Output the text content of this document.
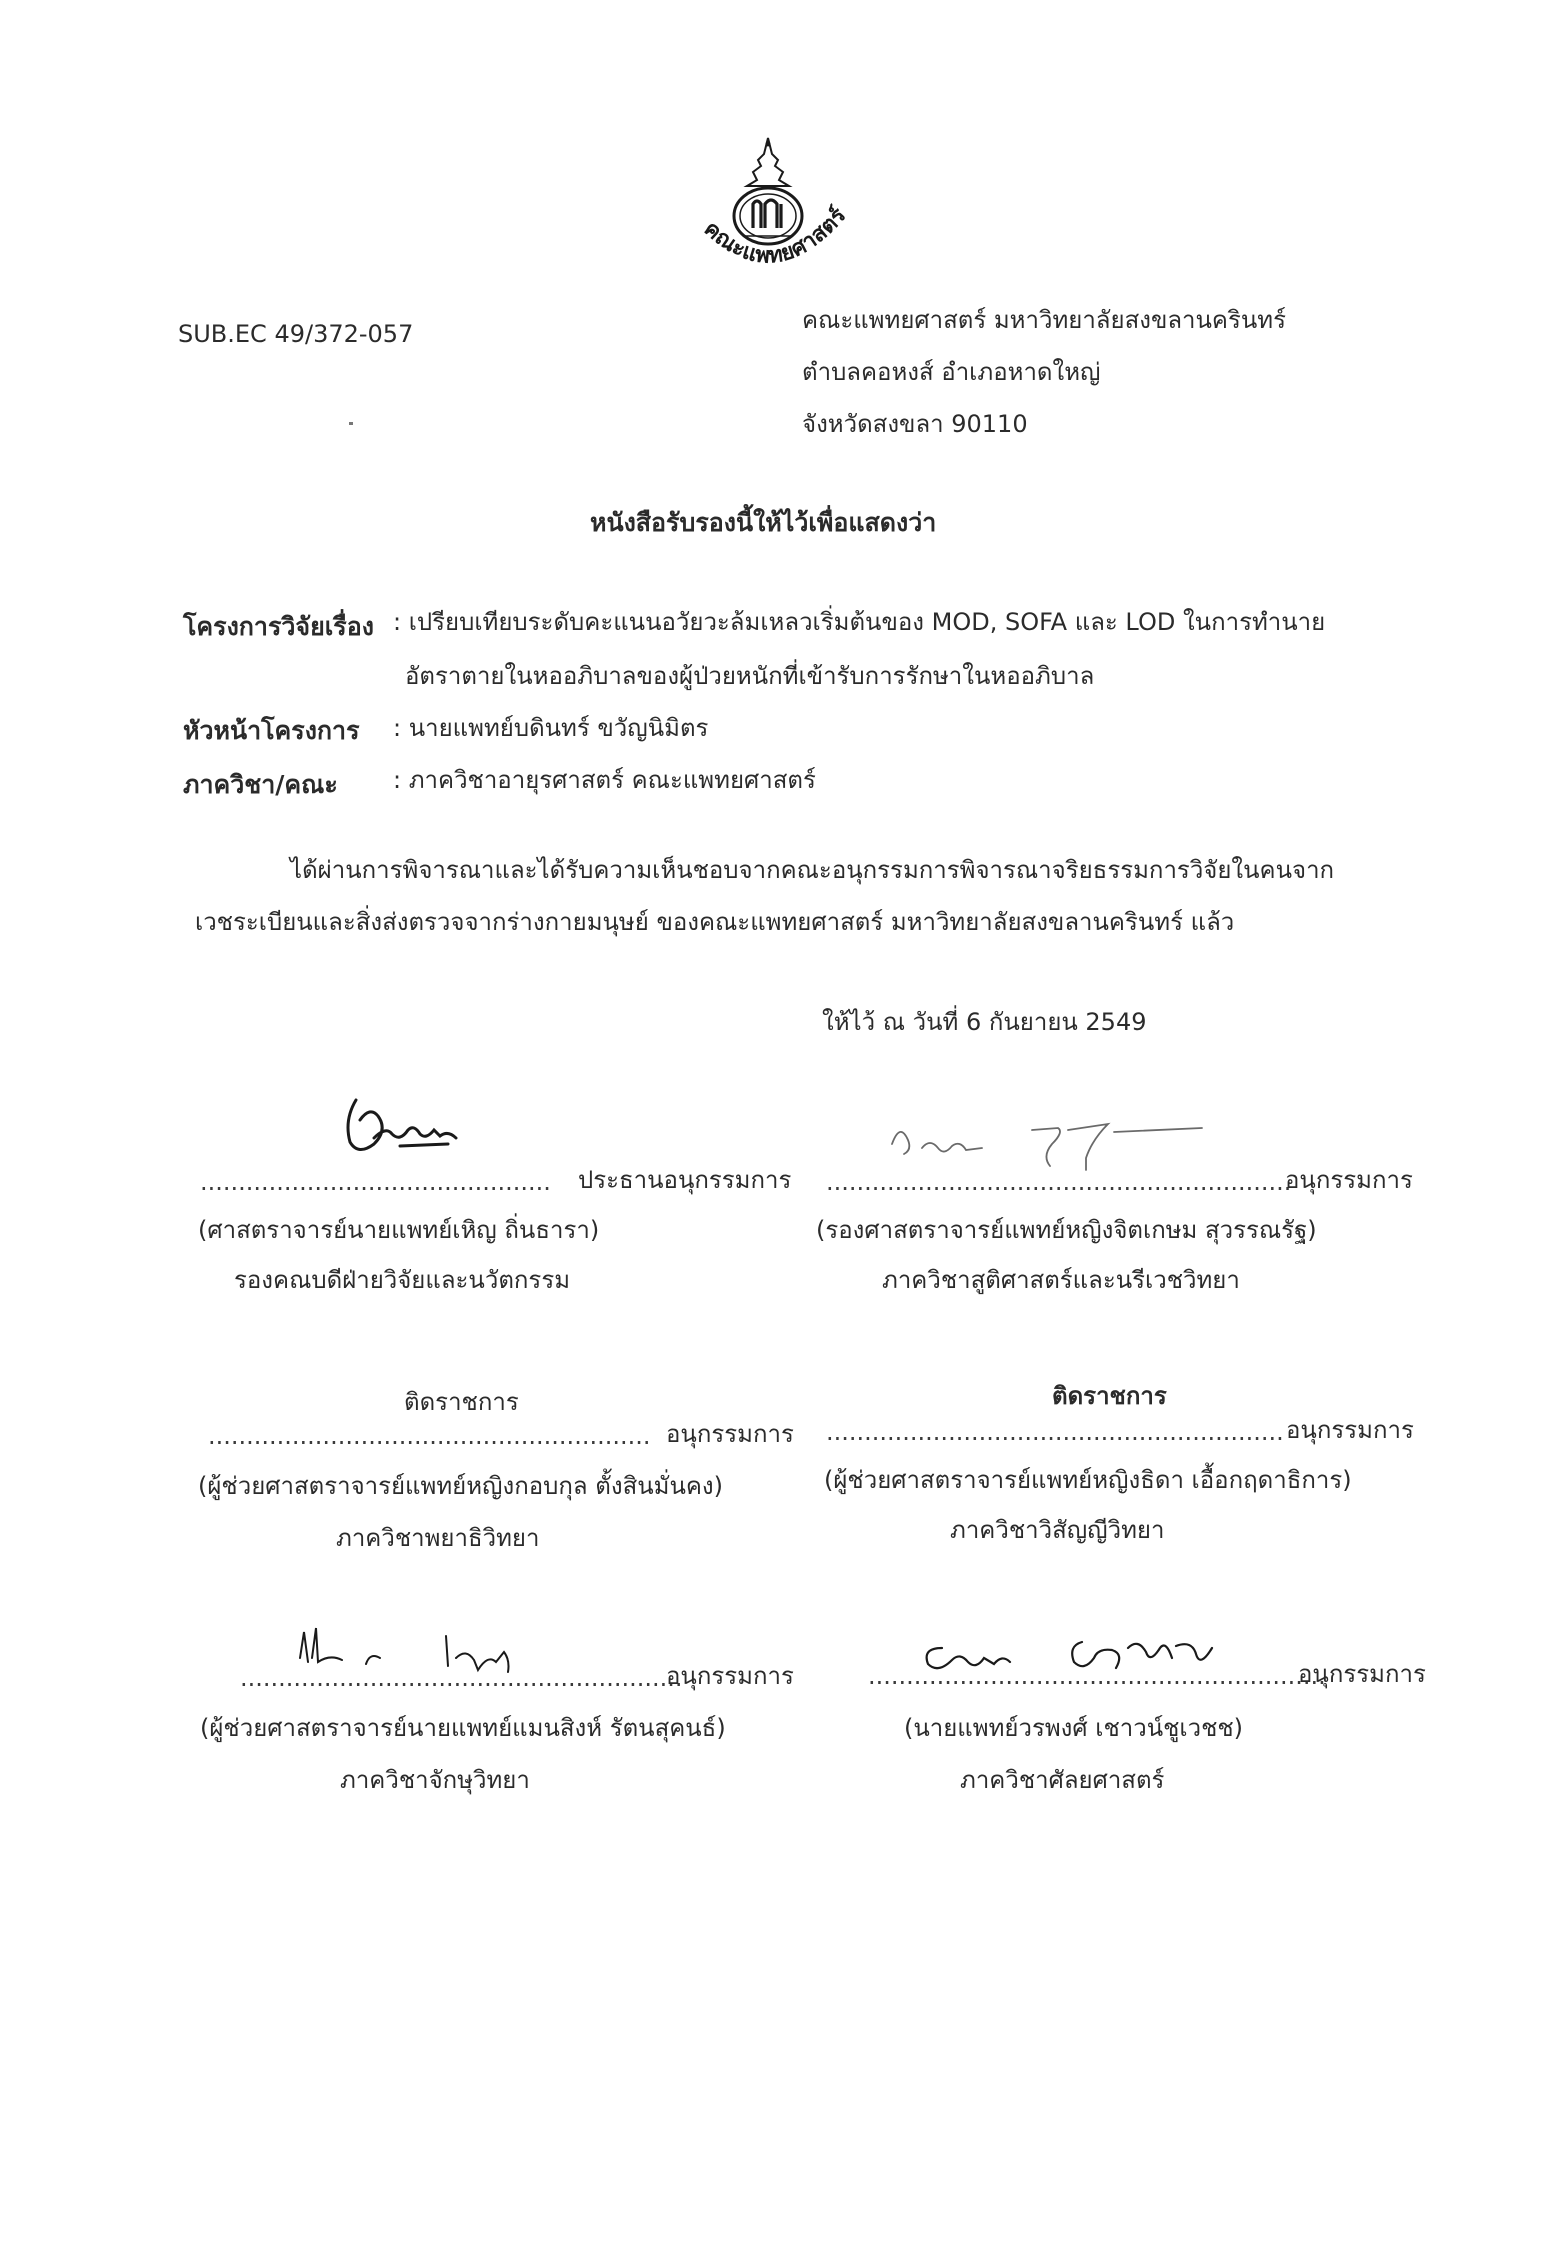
คณะแพทยศาสตร์
SUB.EC 49/372-057	คณะแพทยศาสตร์ มหาวิทยาลัยสงขลานครินทร์
ตำบลคอหงส์ อำเภอหาดใหญ่
จังหวัดสงขลา 90110
หนังสือรับรองนี้ให้ไว้เพื่อแสดงว่า
โครงการวิจัยเรื่อง : เปรียบเทียบระดับคะแนนอวัยวะล้มเหลวเริ่มต้นของ MOD, SOFA และ LOD ในการทำนาย
อัตราตายในหออภิบาลของผู้ป่วยหนักที่เข้ารับการรักษาในหออภิบาล
หัวหน้าโครงการ : นายแพทย์บดินทร์ ขวัญนิมิตร
ภาควิชา/คณะ : ภาควิชาอายุรศาสตร์ คณะแพทยศาสตร์
ได้ผ่านการพิจารณาและได้รับความเห็นชอบจากคณะอนุกรรมการพิจารณาจริยธรรมการวิจัยในคนจาก
เวชระเบียนและสิ่งส่งตรวจจากร่างกายมนุษย์ ของคณะแพทยศาสตร์ มหาวิทยาลัยสงขลานครินทร์ แล้ว
ให้ไว้ ณ วันที่ 6 กันยายน 2549
.............................................. ประธานอนุกรรมการ
(ศาสตราจารย์นายแพทย์เหิญ ถิ่นธารา)
รองคณบดีฝ่ายวิจัยและนวัตกรรม
.............................................................
อนุกรรมการ
(รองศาสตราจารย์แพทย์หญิงจิตเกษม สุวรรณรัฐ)
ภาควิชาสูติศาสตร์และนรีเวชวิทยา
ติดราชการ
.......................................................... อนุกรรมการ
(ผู้ช่วยศาสตราจารย์แพทย์หญิงกอบกุล ตั้งสินมั่นคง)
ภาควิชาพยาธิวิทยา
ติดราชการ
............................................................ อนุกรรมการ
(ผู้ช่วยศาสตราจารย์แพทย์หญิงธิดา เอื้อกฤดาธิการ)
ภาควิชาวิสัญญีวิทยา
..........................................................
อนุกรรมการ
(ผู้ช่วยศาสตราจารย์นายแพทย์แมนสิงห์ รัตนสุคนธ์)
ภาควิชาจักษุวิทยา
............................................................
อนุกรรมการ
(นายแพทย์วรพงศ์ เชาวน์ชูเวชช)
ภาควิชาศัลยศาสตร์
